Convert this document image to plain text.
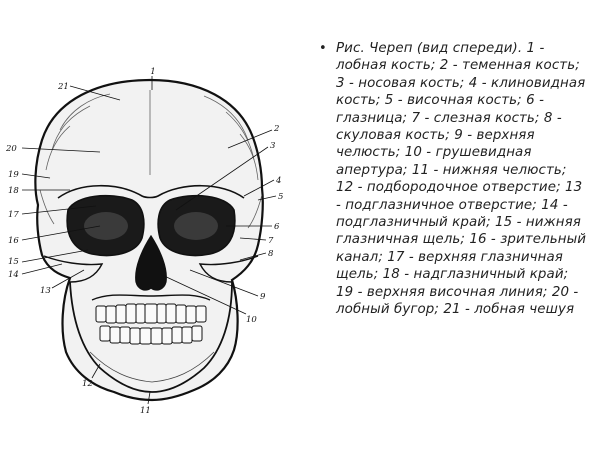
1
2
3
4
5
6
7
8
9
10
11
12
13
14
15
16
17
18
19
20
21
• Рис. Череп (вид спереди). 1 - лобная кость; 2 - теменная кость; 3 - носовая кость; 4 - клиновидная кость; 5 - височная кость; 6 - глазница; 7 - слезная кость; 8 - скуловая кость; 9 - верхняя челюсть; 10 - грушевидная апертура; 11 - нижняя челюсть; 12 - подбородочное отверстие; 13 - подглазничное отверстие; 14 - подглазничный край; 15 - нижняя глазничная щель; 16 - зрительный канал; 17 - верхняя глазничная щель; 18 - надглазничный край; 19 - верхняя височная линия; 20 - лобный бугор; 21 - лобная чешуя
